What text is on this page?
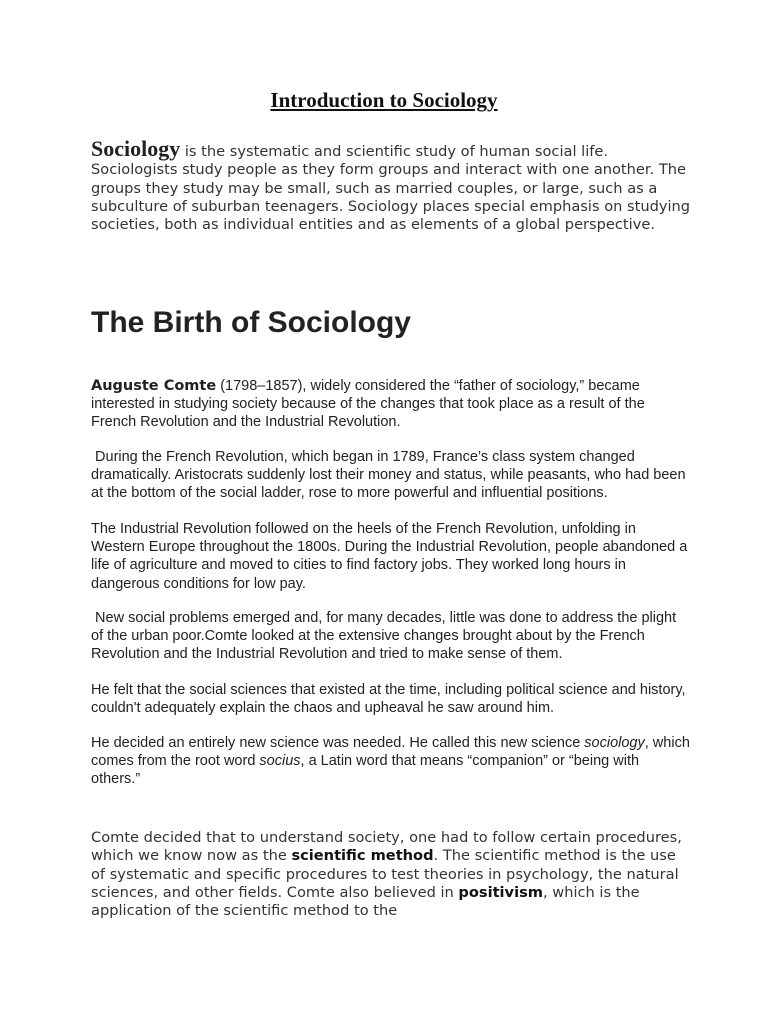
Introduction to Sociology

Sociology is the systematic and scientific study of human social life. Sociologists study people as they form groups and interact with one another. The groups they study may be small, such as married couples, or large, such as a subculture of suburban teenagers. Sociology places special emphasis on studying societies, both as individual entities and as elements of a global perspective.

The Birth of Sociology

Auguste Comte (1798–1857), widely considered the “father of sociology,” became interested in studying society because of the changes that took place as a result of the French Revolution and the Industrial Revolution.

During the French Revolution, which began in 1789, France’s class system changed dramatically. Aristocrats suddenly lost their money and status, while peasants, who had been at the bottom of the social ladder, rose to more powerful and influential positions.

The Industrial Revolution followed on the heels of the French Revolution, unfolding in Western Europe throughout the 1800s. During the Industrial Revolution, people abandoned a life of agriculture and moved to cities to find factory jobs. They worked long hours in dangerous conditions for low pay.

New social problems emerged and, for many decades, little was done to address the plight of the urban poor.Comte looked at the extensive changes brought about by the French Revolution and the Industrial Revolution and tried to make sense of them.

He felt that the social sciences that existed at the time, including political science and history, couldn't adequately explain the chaos and upheaval he saw around him.

He decided an entirely new science was needed. He called this new science sociology, which comes from the root word socius, a Latin word that means “companion” or “being with others.”

Comte decided that to understand society, one had to follow certain procedures, which we know now as the scientific method. The scientific method is the use of systematic and specific procedures to test theories in psychology, the natural sciences, and other fields. Comte also believed in positivism, which is the application of the scientific method to the
